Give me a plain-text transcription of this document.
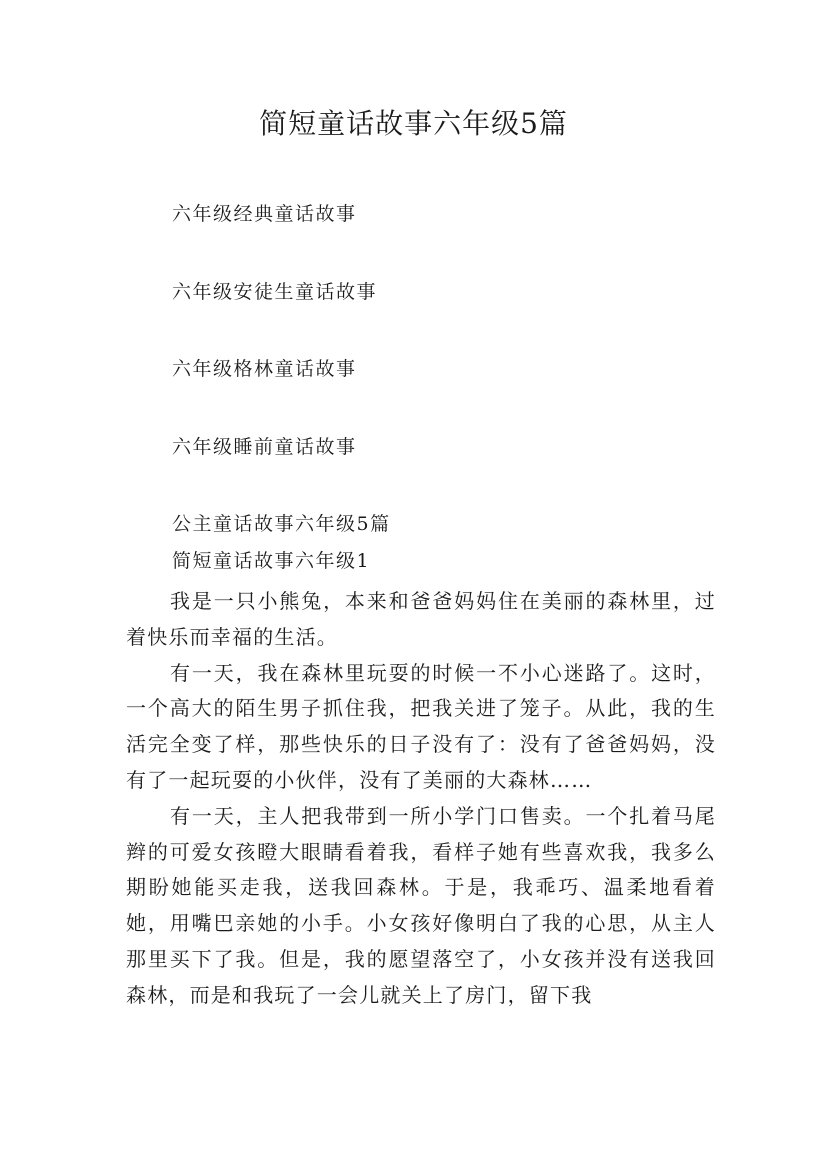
简短童话故事六年级5篇
六年级经典童话故事
六年级安徒生童话故事
六年级格林童话故事
六年级睡前童话故事
公主童话故事六年级5篇
简短童话故事六年级1

我是一只小熊兔，本来和爸爸妈妈住在美丽的森林里，过着快乐而幸福的生活。

有一天，我在森林里玩耍的时候一不小心迷路了。这时，一个高大的陌生男子抓住我，把我关进了笼子。从此，我的生活完全变了样，那些快乐的日子没有了：没有了爸爸妈妈，没有了一起玩耍的小伙伴，没有了美丽的大森林……

有一天，主人把我带到一所小学门口售卖。一个扎着马尾辫的可爱女孩瞪大眼睛看着我，看样子她有些喜欢我，我多么期盼她能买走我，送我回森林。于是，我乖巧、温柔地看着她，用嘴巴亲她的小手。小女孩好像明白了我的心思，从主人那里买下了我。但是，我的愿望落空了，小女孩并没有送我回森林，而是和我玩了一会儿就关上了房门，留下我
